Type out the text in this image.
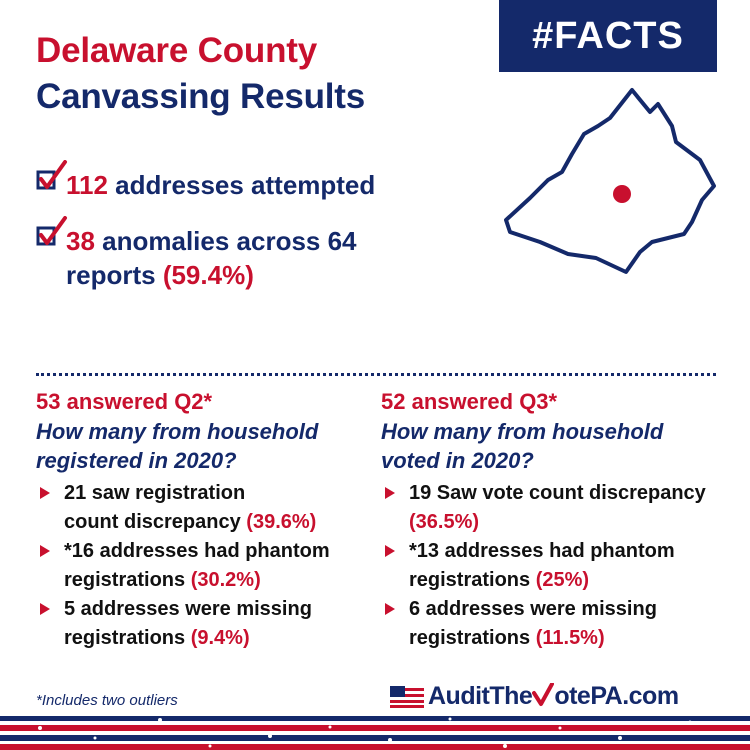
Delaware County
Canvassing Results
#FACTS
112 addresses attempted
38 anomalies across 64
reports (59.4%)
53 answered Q2*
How many from household
registered in 2020?
21 saw registration
count discrepancy (39.6%)
*16 addresses had phantom
registrations (30.2%)
5 addresses were missing
registrations (9.4%)
52 answered Q3*
How many from household
voted in 2020?
19 Saw vote count discrepancy
(36.5%)
*13 addresses had phantom
registrations (25%)
6 addresses were missing
registrations (11.5%)
*Includes two outliers	AuditThe otePA.com
